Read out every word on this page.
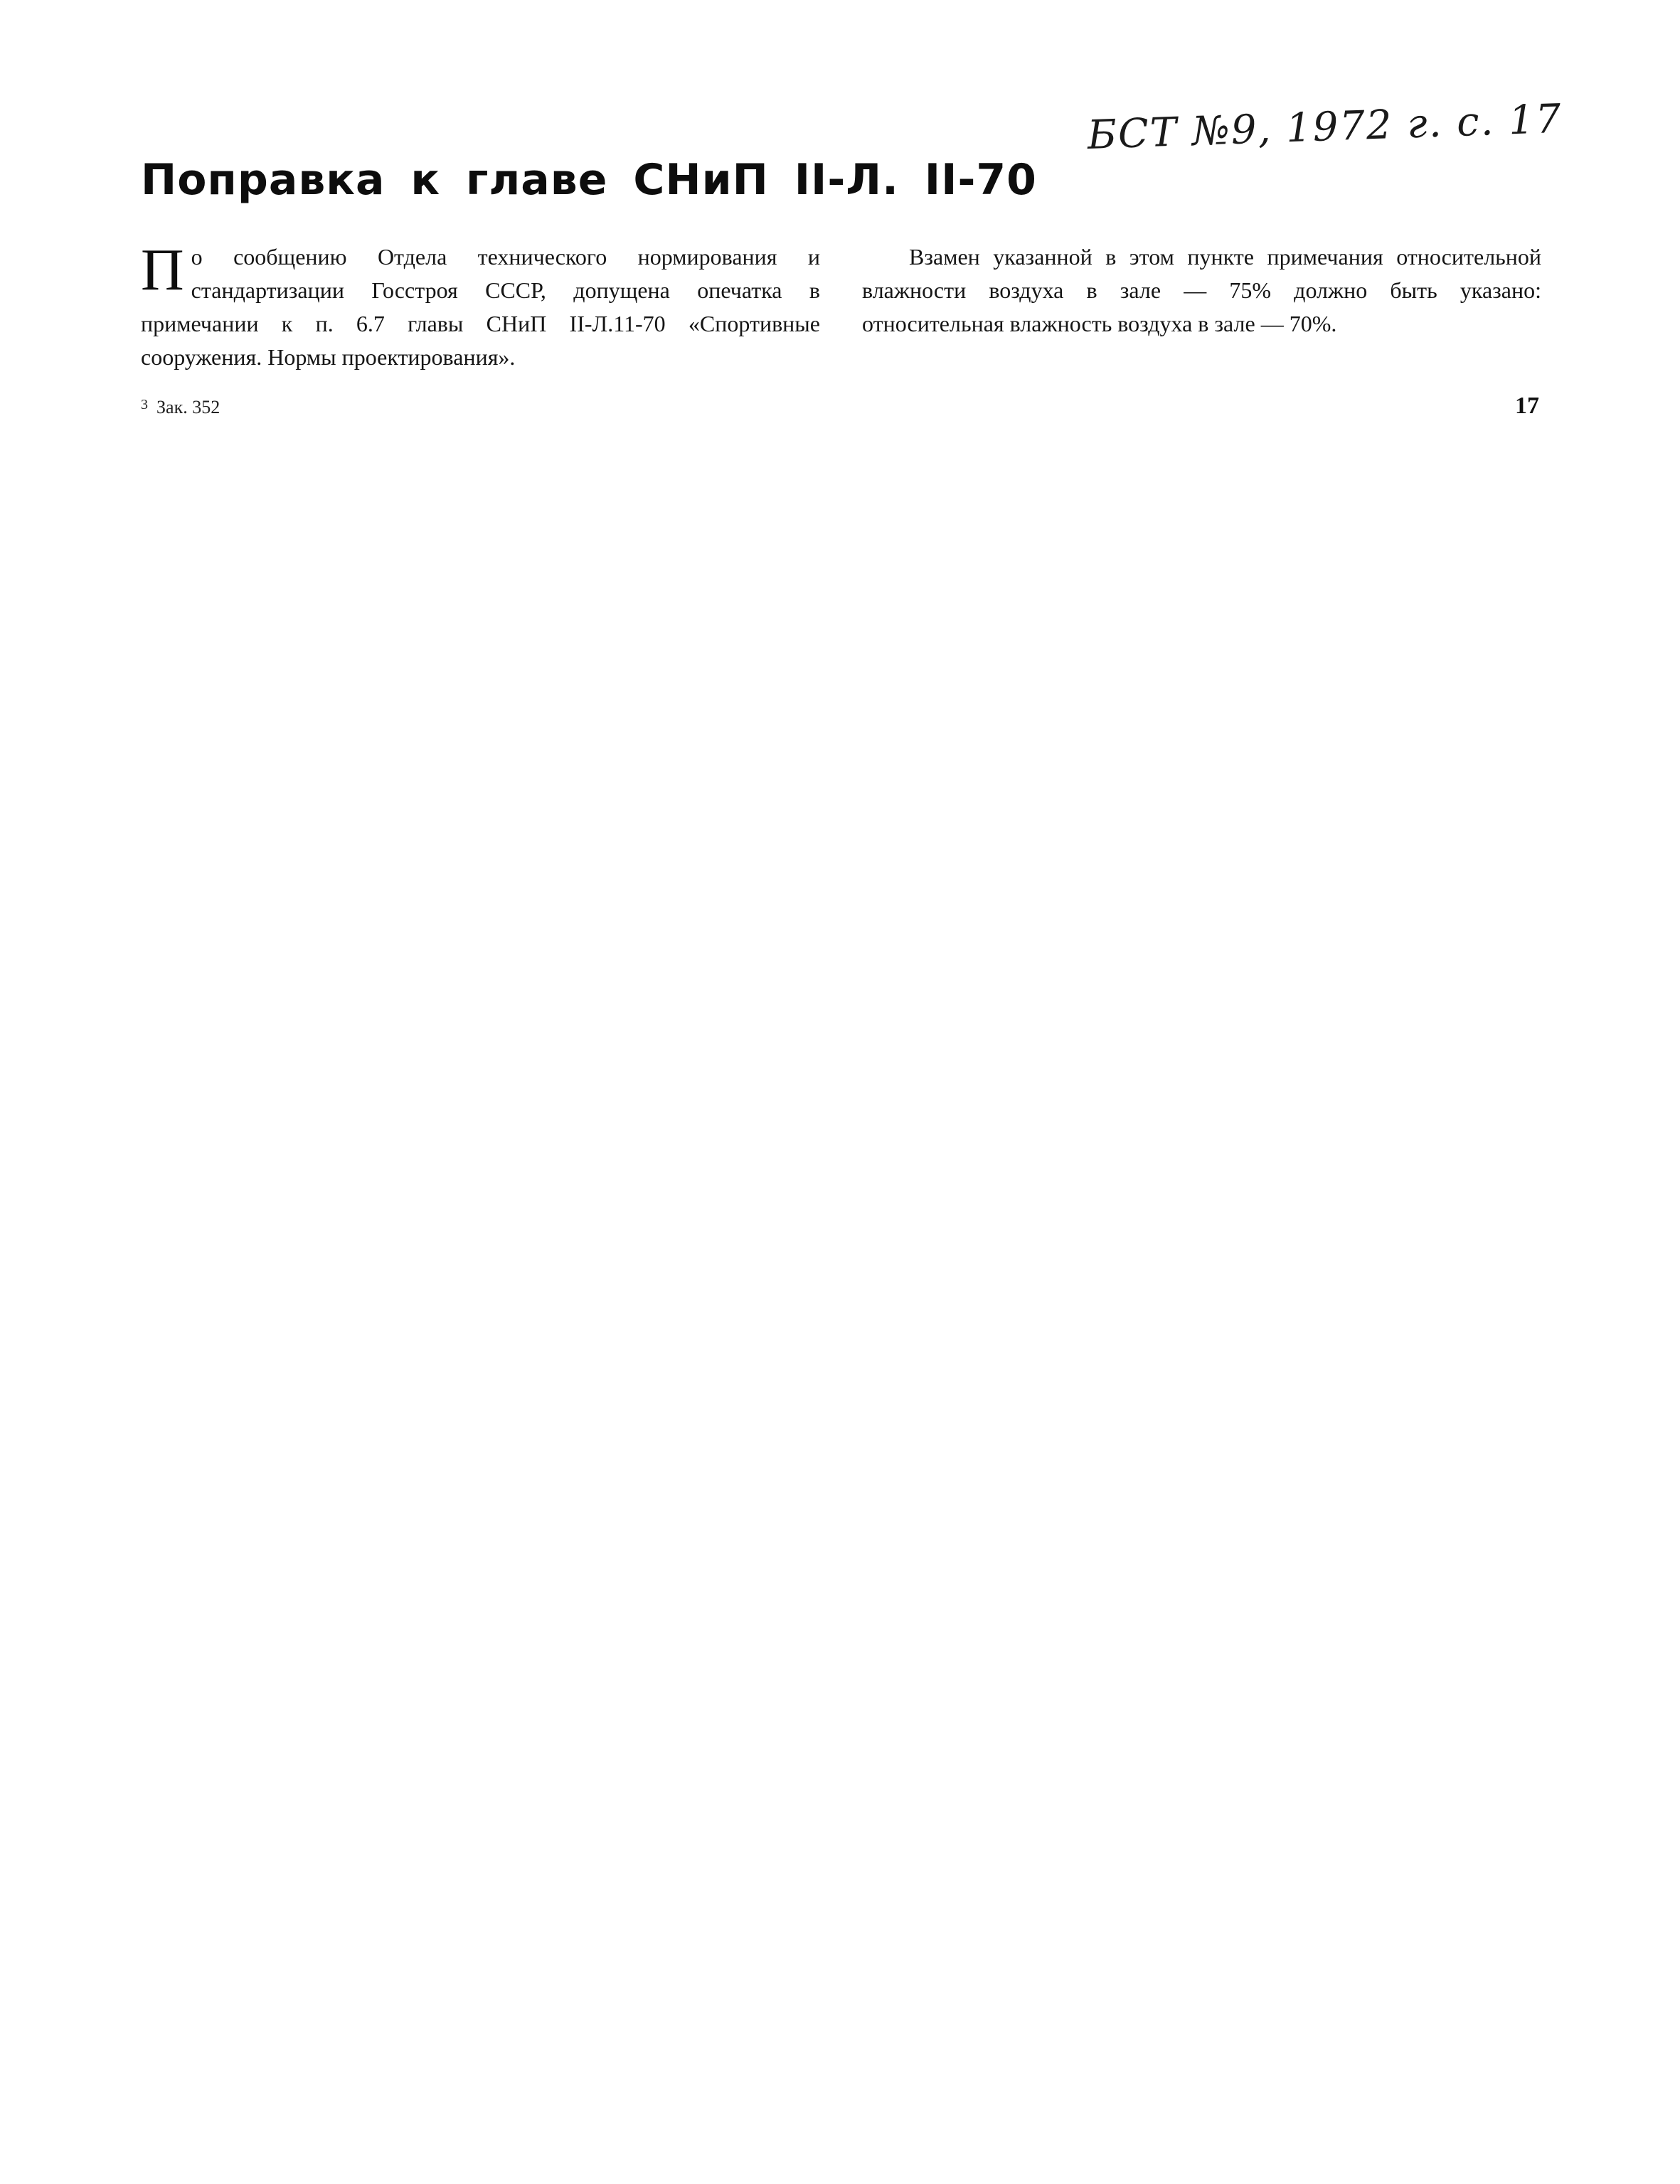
БСТ №9, 1972 г. с. 17
Поправка к главе СНиП II-Л. II-70
П о сообщению Отдела технического нормирования и стандартизации Госстроя СССР, допущена опечатка в примечании к п. 6.7 главы СНиП II-Л.11-70 «Спортивные сооружения. Нормы проектирования».
Взамен указанной в этом пункте примечания относительной влажности воздуха в зале — 75% должно быть указано: относительная влажность воздуха в зале — 70%.
$^3$ Зак. 352	17
